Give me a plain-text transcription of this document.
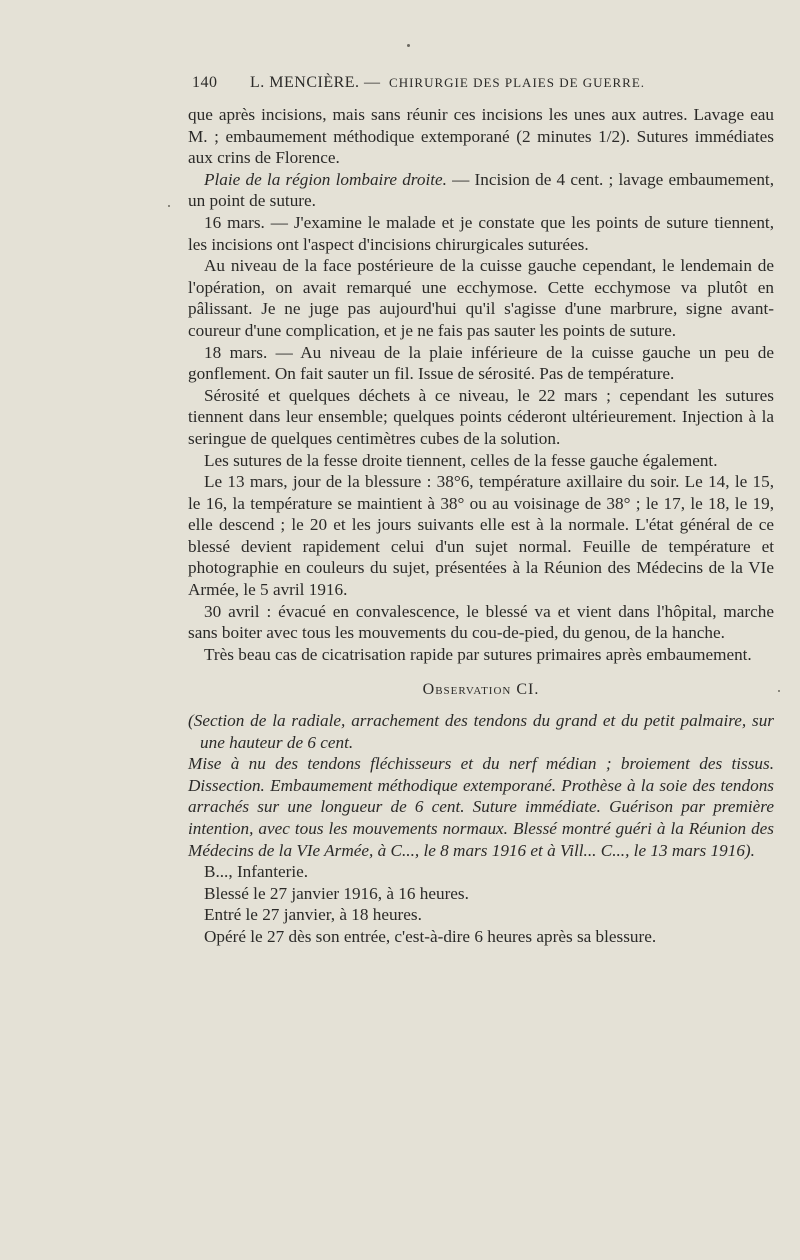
140 L. MENCIÈRE. — CHIRURGIE DES PLAIES DE GUERRE.

que après incisions, mais sans réunir ces incisions les unes aux autres. Lavage eau M. ; embaumement méthodique extemporané (2 minutes 1/2). Sutures immédiates aux crins de Florence.

Plaie de la région lombaire droite. — Incision de 4 cent. ; lavage embaumement, un point de suture.

16 mars. — J'examine le malade et je constate que les points de suture tiennent, les incisions ont l'aspect d'incisions chirurgicales suturées.

Au niveau de la face postérieure de la cuisse gauche cependant, le lendemain de l'opération, on avait remarqué une ecchymose. Cette ecchymose va plutôt en pâlissant. Je ne juge pas aujourd'hui qu'il s'agisse d'une marbrure, signe avant-coureur d'une complication, et je ne fais pas sauter les points de suture.

18 mars. — Au niveau de la plaie inférieure de la cuisse gauche un peu de gonflement. On fait sauter un fil. Issue de sérosité. Pas de température.

Sérosité et quelques déchets à ce niveau, le 22 mars ; cependant les sutures tiennent dans leur ensemble; quelques points céderont ultérieurement. Injection à la seringue de quelques centimètres cubes de la solution.

Les sutures de la fesse droite tiennent, celles de la fesse gauche également.

Le 13 mars, jour de la blessure : 38°6, température axillaire du soir. Le 14, le 15, le 16, la température se maintient à 38° ou au voisinage de 38° ; le 17, le 18, le 19, elle descend ; le 20 et les jours suivants elle est à la normale. L'état général de ce blessé devient rapidement celui d'un sujet normal. Feuille de température et photographie en couleurs du sujet, présentées à la Réunion des Médecins de la VIe Armée, le 5 avril 1916.

30 avril : évacué en convalescence, le blessé va et vient dans l'hôpital, marche sans boiter avec tous les mouvements du cou-de-pied, du genou, de la hanche.

Très beau cas de cicatrisation rapide par sutures primaires après embaumement.

Observation CI.

(Section de la radiale, arrachement des tendons du grand et du petit palmaire, sur une hauteur de 6 cent.

Mise à nu des tendons fléchisseurs et du nerf médian ; broiement des tissus. Dissection. Embaumement méthodique extemporané. Prothèse à la soie des tendons arrachés sur une longueur de 6 cent. Suture immédiate. Guérison par première intention, avec tous les mouvements normaux. Blessé montré guéri à la Réunion des Médecins de la VIe Armée, à C..., le 8 mars 1916 et à Vill... C..., le 13 mars 1916).

B..., Infanterie.

Blessé le 27 janvier 1916, à 16 heures.

Entré le 27 janvier, à 18 heures.

Opéré le 27 dès son entrée, c'est-à-dire 6 heures après sa blessure.
